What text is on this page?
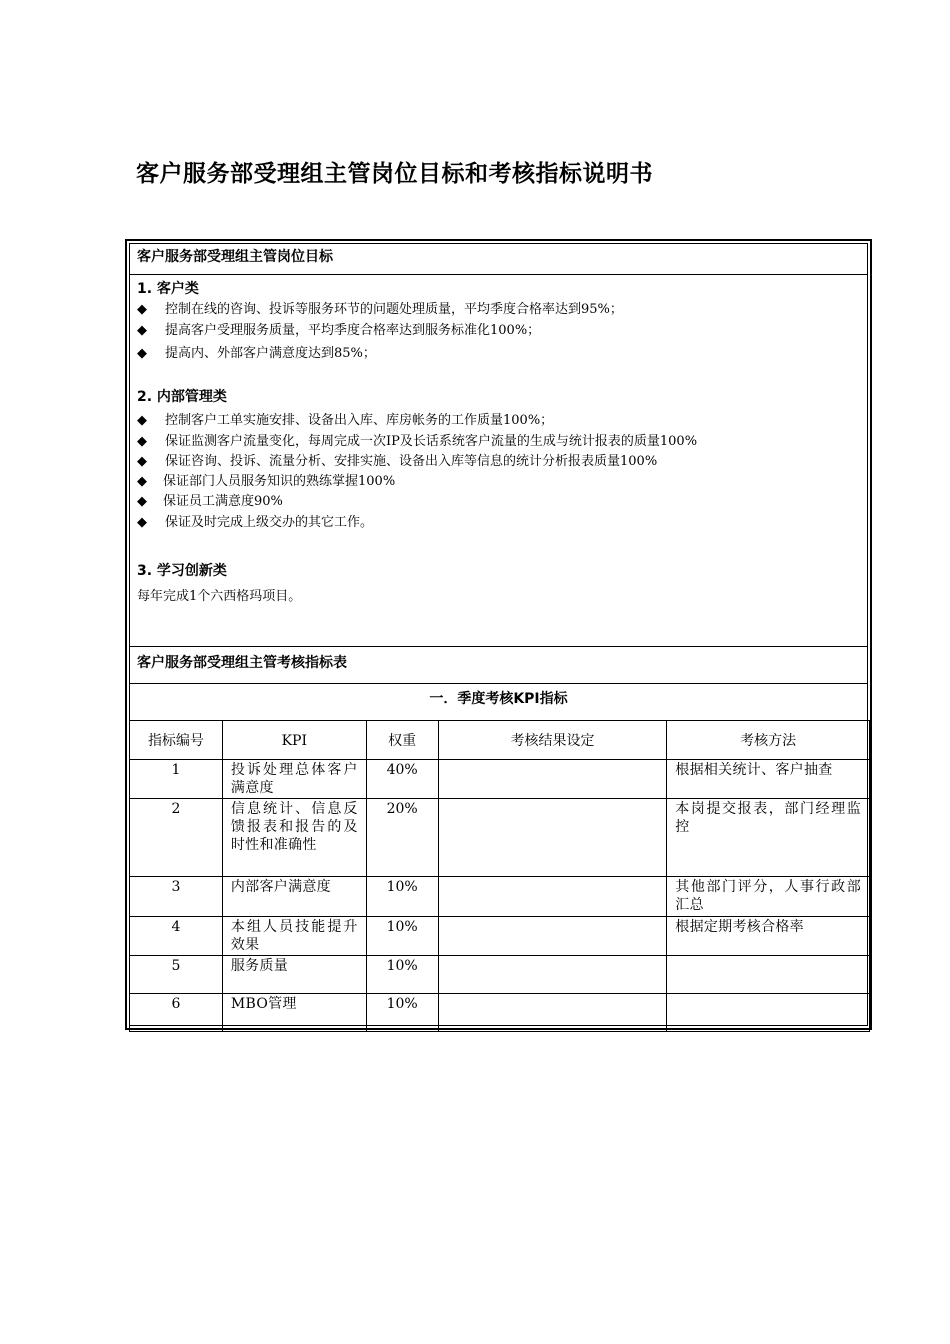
客户服务部受理组主管岗位目标和考核指标说明书
客户服务部受理组主管岗位目标
1. 客户类
◆ 控制在线的咨询、投诉等服务环节的问题处理质量，平均季度合格率达到95%；
◆ 提高客户受理服务质量，平均季度合格率达到服务标准化100%；
◆ 提高内、外部客户满意度达到85%；
2. 内部管理类
◆ 控制客户工单实施安排、设备出入库、库房帐务的工作质量100%；
◆ 保证监测客户流量变化，每周完成一次IP及长话系统客户流量的生成与统计报表的质量100%
◆ 保证咨询、投诉、流量分析、安排实施、设备出入库等信息的统计分析报表质量100%
◆ 保证部门人员服务知识的熟练掌握100%
◆ 保证员工满意度90%
◆ 保证及时完成上级交办的其它工作。
3. 学习创新类
每年完成1个六西格玛项目。
客户服务部受理组主管考核指标表
一．季度考核KPI指标
指标编号	KPI	权重	考核结果设定	考核方法
1	投诉处理总体客户满意度	40%		根据相关统计、客户抽查
2	信息统计、信息反馈报表和报告的及时性和准确性	20%		本岗提交报表，部门经理监控
3	内部客户满意度	10%		其他部门评分，人事行政部汇总
4	本组人员技能提升效果	10%		根据定期考核合格率
5	服务质量	10%		
6	MBO管理	10%		
